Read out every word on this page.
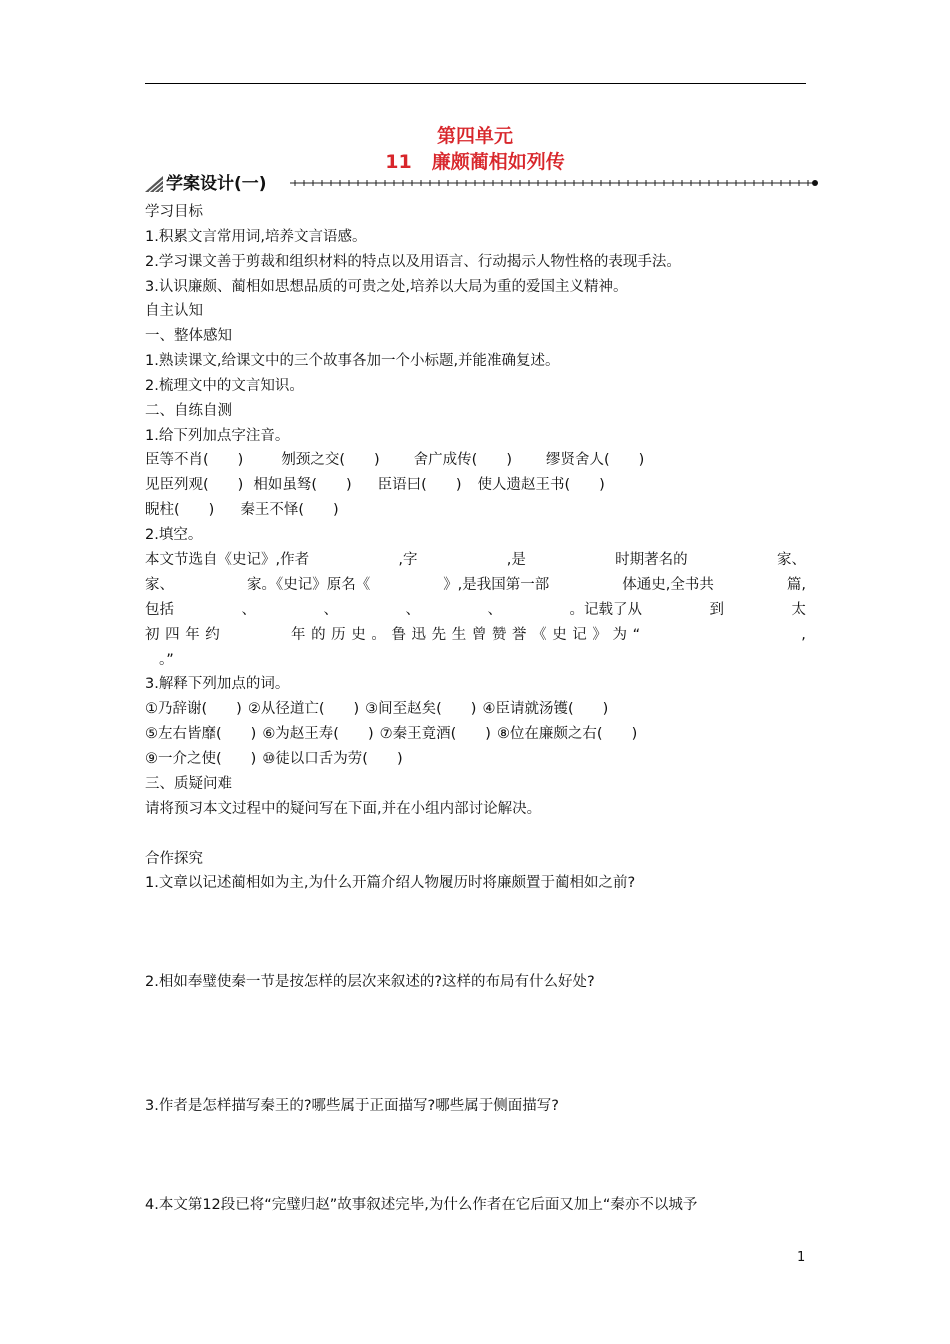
第四单元
11 廉颇蔺相如列传
学案设计(一)
学习目标
1.积累文言常用词,培养文言语感。
2.学习课文善于剪裁和组织材料的特点以及用语言、行动揭示人物性格的表现手法。
3.认识廉颇、蔺相如思想品质的可贵之处,培养以大局为重的爱国主义精神。
自主认知
一、整体感知
1.熟读课文,给课文中的三个故事各加一个小标题,并能准确复述。
2.梳理文中的文言知识。
二、自练自测
1.给下列加点字注音。
臣等不肖(　　)	刎颈之交(　　) 舍广成传(　　) 缪贤舍人(　　)
见臣列观(　　) 相如虽驽(　　) 臣语曰(　　) 使人遗赵王书(　　)
睨柱(　　) 秦王不怿(　　)
2.填空。
本文节选自《史记》,作者	,字	,是	时期著名的	家、
家、	家。《史记》原名《	》,是我国第一部	体通史,全书共	篇,
包括	、	、	、	、	。记载了从	到	太
初 四 年 约	年 的 历 史 。 鲁 迅 先 生 曾 赞 誉 《 史 记 》 为 “	,
。”
3.解释下列加点的词。
①乃辞谢(　　) ②从径道亡(　　) ③间至赵矣(　　) ④臣请就汤镬(　　)
⑤左右皆靡(　　) ⑥为赵王寿(　　) ⑦秦王竟酒(　　) ⑧位在廉颇之右(　　)
⑨一介之使(　　) ⑩徒以口舌为劳(　　)
三、质疑问难
请将预习本文过程中的疑问写在下面,并在小组内部讨论解决。
合作探究
1.文章以记述蔺相如为主,为什么开篇介绍人物履历时将廉颇置于蔺相如之前?
2.相如奉璧使秦一节是按怎样的层次来叙述的?这样的布局有什么好处?
3.作者是怎样描写秦王的?哪些属于正面描写?哪些属于侧面描写?
4.本文第12段已将“完璧归赵”故事叙述完毕,为什么作者在它后面又加上“秦亦不以城予
1
